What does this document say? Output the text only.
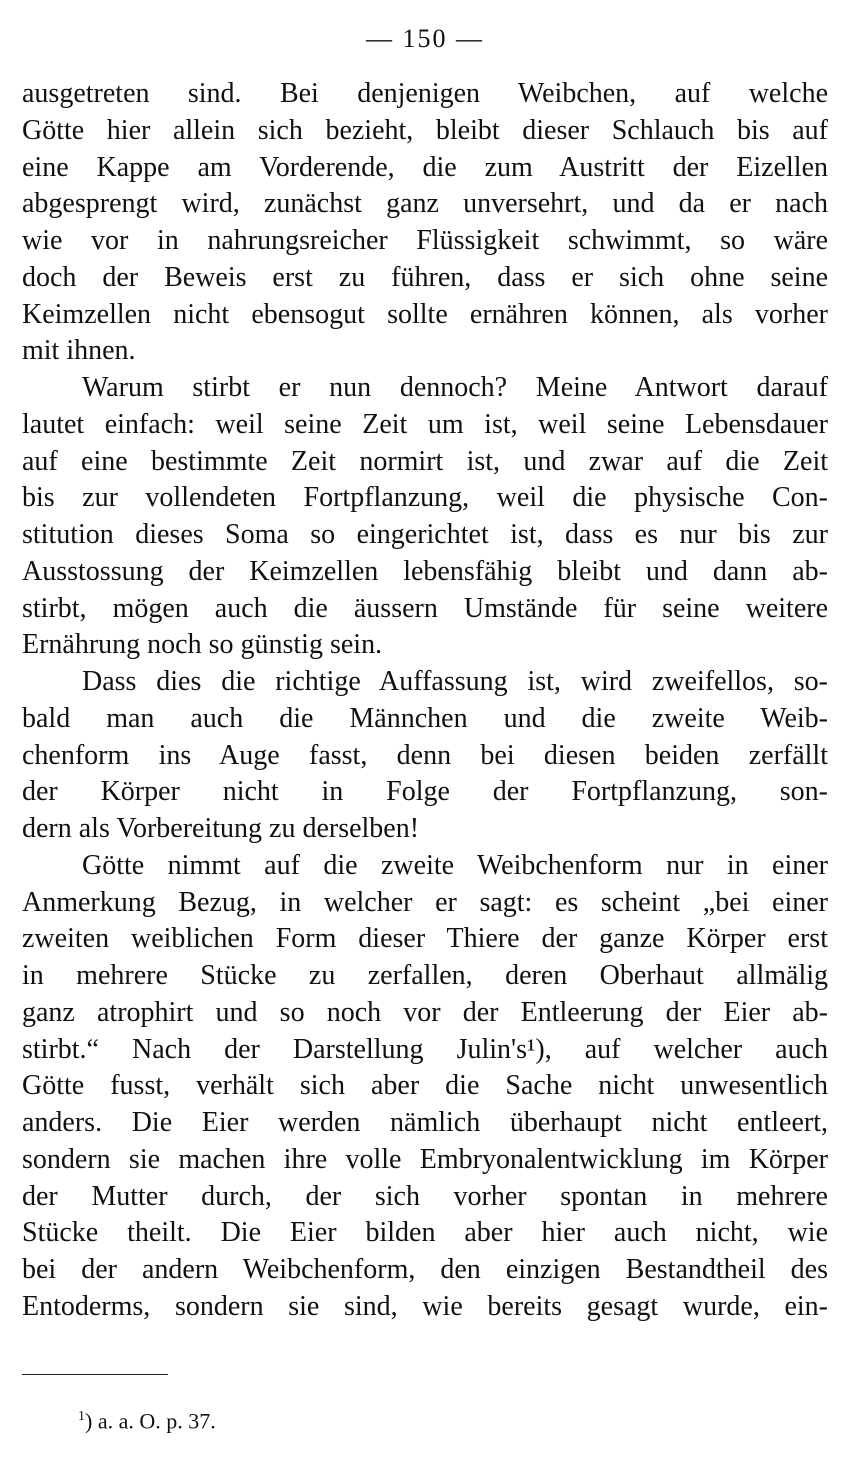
— 150 —
ausgetreten sind. Bei denjenigen Weibchen, auf welche
Götte hier allein sich bezieht, bleibt dieser Schlauch bis auf
eine Kappe am Vorderende, die zum Austritt der Eizellen
abgesprengt wird, zunächst ganz unversehrt, und da er nach
wie vor in nahrungsreicher Flüssigkeit schwimmt, so wäre
doch der Beweis erst zu führen, dass er sich ohne seine
Keimzellen nicht ebensogut sollte ernähren können, als vorher
mit ihnen.
Warum stirbt er nun dennoch? Meine Antwort darauf
lautet einfach: weil seine Zeit um ist, weil seine Lebensdauer
auf eine bestimmte Zeit normirt ist, und zwar auf die Zeit
bis zur vollendeten Fortpflanzung, weil die physische Con-
stitution dieses Soma so eingerichtet ist, dass es nur bis zur
Ausstossung der Keimzellen lebensfähig bleibt und dann ab-
stirbt, mögen auch die äussern Umstände für seine weitere
Ernährung noch so günstig sein.
Dass dies die richtige Auffassung ist, wird zweifellos, so-
bald man auch die Männchen und die zweite Weib-
chenform ins Auge fasst, denn bei diesen beiden zerfällt
der Körper nicht in Folge der Fortpflanzung, son-
dern als Vorbereitung zu derselben!
Götte nimmt auf die zweite Weibchenform nur in einer
Anmerkung Bezug, in welcher er sagt: es scheint „bei einer
zweiten weiblichen Form dieser Thiere der ganze Körper erst
in mehrere Stücke zu zerfallen, deren Oberhaut allmälig
ganz atrophirt und so noch vor der Entleerung der Eier ab-
stirbt.“ Nach der Darstellung Julin's¹), auf welcher auch
Götte fusst, verhält sich aber die Sache nicht unwesentlich
anders. Die Eier werden nämlich überhaupt nicht entleert,
sondern sie machen ihre volle Embryonalentwicklung im Körper
der Mutter durch, der sich vorher spontan in mehrere
Stücke theilt. Die Eier bilden aber hier auch nicht, wie
bei der andern Weibchenform, den einzigen Bestandtheil des
Entoderms, sondern sie sind, wie bereits gesagt wurde, ein-
$^1$) a. a. O. p. 37.
